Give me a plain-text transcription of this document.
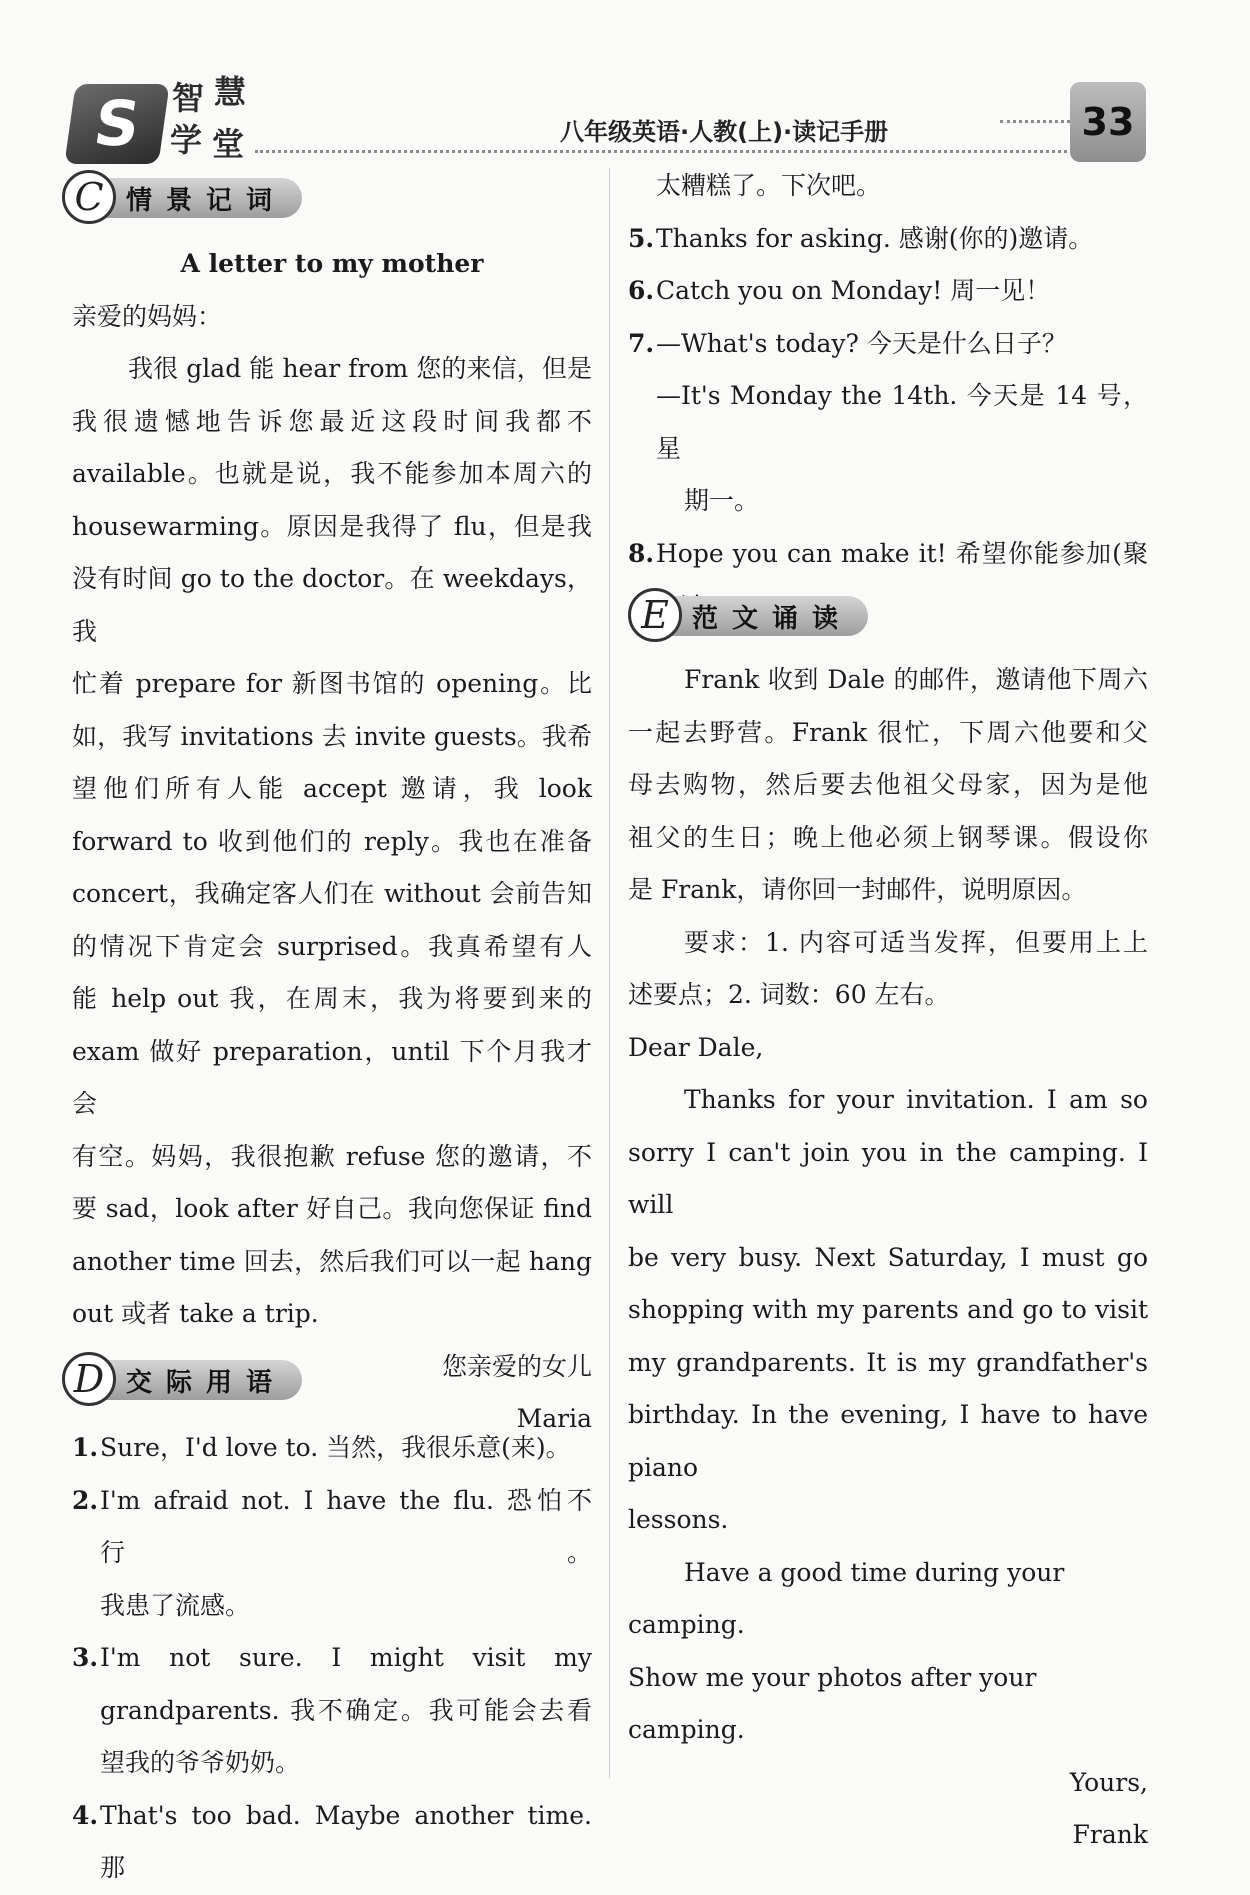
S 智 慧
学 堂	八年级英语·人教(上)·读记手册	33
C 情景记词

A letter to my mother

亲爱的妈妈：

我很 glad 能 hear from 您的来信，但是

我很遗憾地告诉您最近这段时间我都不

available。也就是说，我不能参加本周六的

housewarming。原因是我得了 flu，但是我

没有时间 go to the doctor。在 weekdays，我

忙着 prepare for 新图书馆的 opening。比

如，我写 invitations 去 invite guests。我希

望他们所有人能 accept 邀请，我 look

forward to 收到他们的 reply。我也在准备

concert，我确定客人们在 without 会前告知

的情况下肯定会 surprised。我真希望有人

能 help out 我，在周末，我为将要到来的

exam 做好 preparation，until 下个月我才会

有空。妈妈，我很抱歉 refuse 您的邀请，不

要 sad，look after 好自己。我向您保证 find

another time 回去，然后我们可以一起 hang

out 或者 take a trip.

您亲爱的女儿

Maria

D 交际用语
1. Sure，I'd love to. 当然，我很乐意(来)。

2. I'm afraid not. I have the flu. 恐怕不行。

我患了流感。

3. I'm not sure. I might visit my

grandparents. 我不确定。我可能会去看

望我的爷爷奶奶。

4. That's too bad. Maybe another time. 那

太糟糕了。下次吧。

5. Thanks for asking. 感谢(你的)邀请。

6. Catch you on Monday! 周一见！

7. —What's today? 今天是什么日子？

—It's Monday the 14th. 今天是 14 号，星

期一。

8. Hope you can make it! 希望你能参加(聚

E 范文诵读

Frank 收到 Dale 的邮件，邀请他下周六

一起去野营。Frank 很忙，下周六他要和父

母去购物，然后要去他祖父母家，因为是他

祖父的生日；晚上他必须上钢琴课。假设你

是 Frank，请你回一封邮件，说明原因。

要求：1. 内容可适当发挥，但要用上上

述要点；2. 词数：60 左右。

Dear Dale,

Thanks for your invitation. I am so

sorry I can't join you in the camping. I will

be very busy. Next Saturday, I must go

shopping with my parents and go to visit

my grandparents. It is my grandfather's

birthday. In the evening, I have to have piano

lessons.

Have a good time during your camping.

Show me your photos after your camping.

Yours,

Frank
